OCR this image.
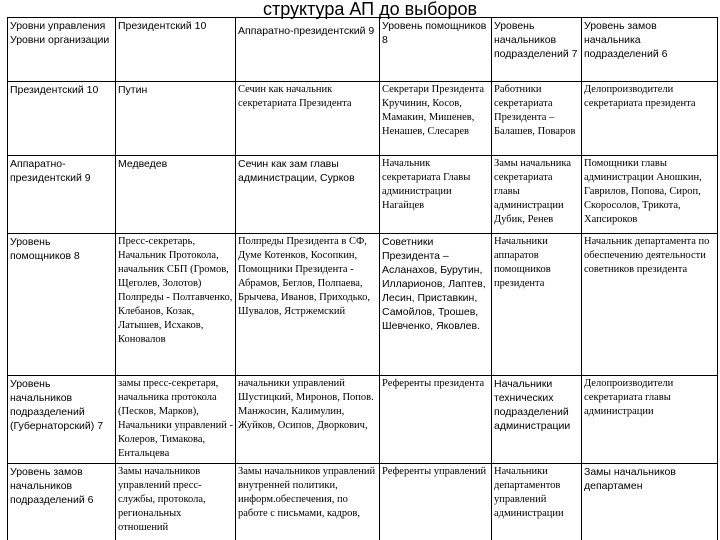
Уровни управления Уровни организации	Президентский 10	Аппаратно-президентский 9	Уровень помощников 8	Уровень начальников подразделений 7	Уровень замов начальника подразделений 6
Президентский 10	Путин	Сечин как начальник секретариата Президента	Секретари Президента Кручинин, Косов, Мамакин, Мишенев, Ненашев, Слесарев	Работники секретариата Президента – Балашев, Поваров	Делопроизводители секретариата президента
Аппаратно-президентский 9	Медведев	Сечин как зам главы администрации, Сурков	Начальник секретариата Главы администрации Нагайцев	Замы начальника секретариата главы администрации Дубик, Ренев	Помощники главы администрации Аношкин, Гаврилов, Попова, Сироп, Скоросолов, Трикота, Хапсироков
Уровень помощников 8	Пресс-секретарь, Начальник Протокола, начальник СБП (Громов, Щеголев, Золотов) Полпреды - Полтавченко, Клебанов, Козак, Латышев, Исхаков, Коновалов	Полпреды Президента в СФ, Думе Котенков, Косопкин, Помощники Президента - Абрамов, Беглов, Полпаева, Брычева, Иванов, Приходько, Шувалов, Ястржемский	Советники Президента – Асланахов, Бурутин, Илларионов, Лаптев, Лесин, Приставкин, Самойлов, Трошев, Шевченко, Яковлев.	Начальники аппаратов помощников президента	Начальник департамента по обеспечению деятельности советников президента
Уровень начальников подразделений (Губернаторский) 7	замы пресс-секретаря, начальника протокола (Песков, Марков), Начальники управлений - Колеров, Тимакова, Ентальцева	начальники управлений Шустицкий, Миронов, Попов. Манжосин, Калимулин, Жуйков, Осипов, Дворкович,	Референты президента	Начальники технических подразделений администрации	Делопроизводители секретариата главы администрации
Уровень замов начальников подразделений 6	Замы начальников управлений пресс-службы, протокола, региональных отношений	Замы начальников управлений внутренней политики, информ.обеспечения, по работе с письмами, кадров,	Референты управлений	Начальники департаментов управлений администрации	Замы начальников департамен
структура АП до выборов
